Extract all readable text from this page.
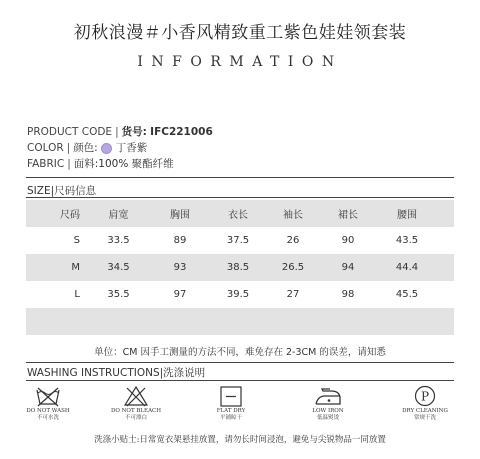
初秋浪漫＃小香风精致重工紫色娃娃领套装
INFORMATION
PRODUCT CODE | 货号:
IFC221006
COLOR | 颜色: 丁香紫
FABRIC | 面料: 100% 聚酯纤维
SIZE|尺码信息
尺码	肩宽	胸围	衣长	袖长	裙长	腰围
S	33.5	89	37.5	26	90	43.5
M	34.5	93	38.5	26.5	94	44.4
L	35.5	97	39.5	27	98	45.5
单位：CM 因手工测量的方法不同，难免存在 2-3CM 的误差，请知悉
WASHING INSTRUCTIONS|洗涤说明
DO NOT WASH
不可水洗
DO NOT BLEACH
不可漂白
FLAT DRY
平铺晾干
LOW IRON
低温熨烫
P
DRY CLEANING
常规干洗
洗涤小贴士:日常宽衣架悬挂放置，请勿长时间浸泡，避免与尖锐物品一同放置
